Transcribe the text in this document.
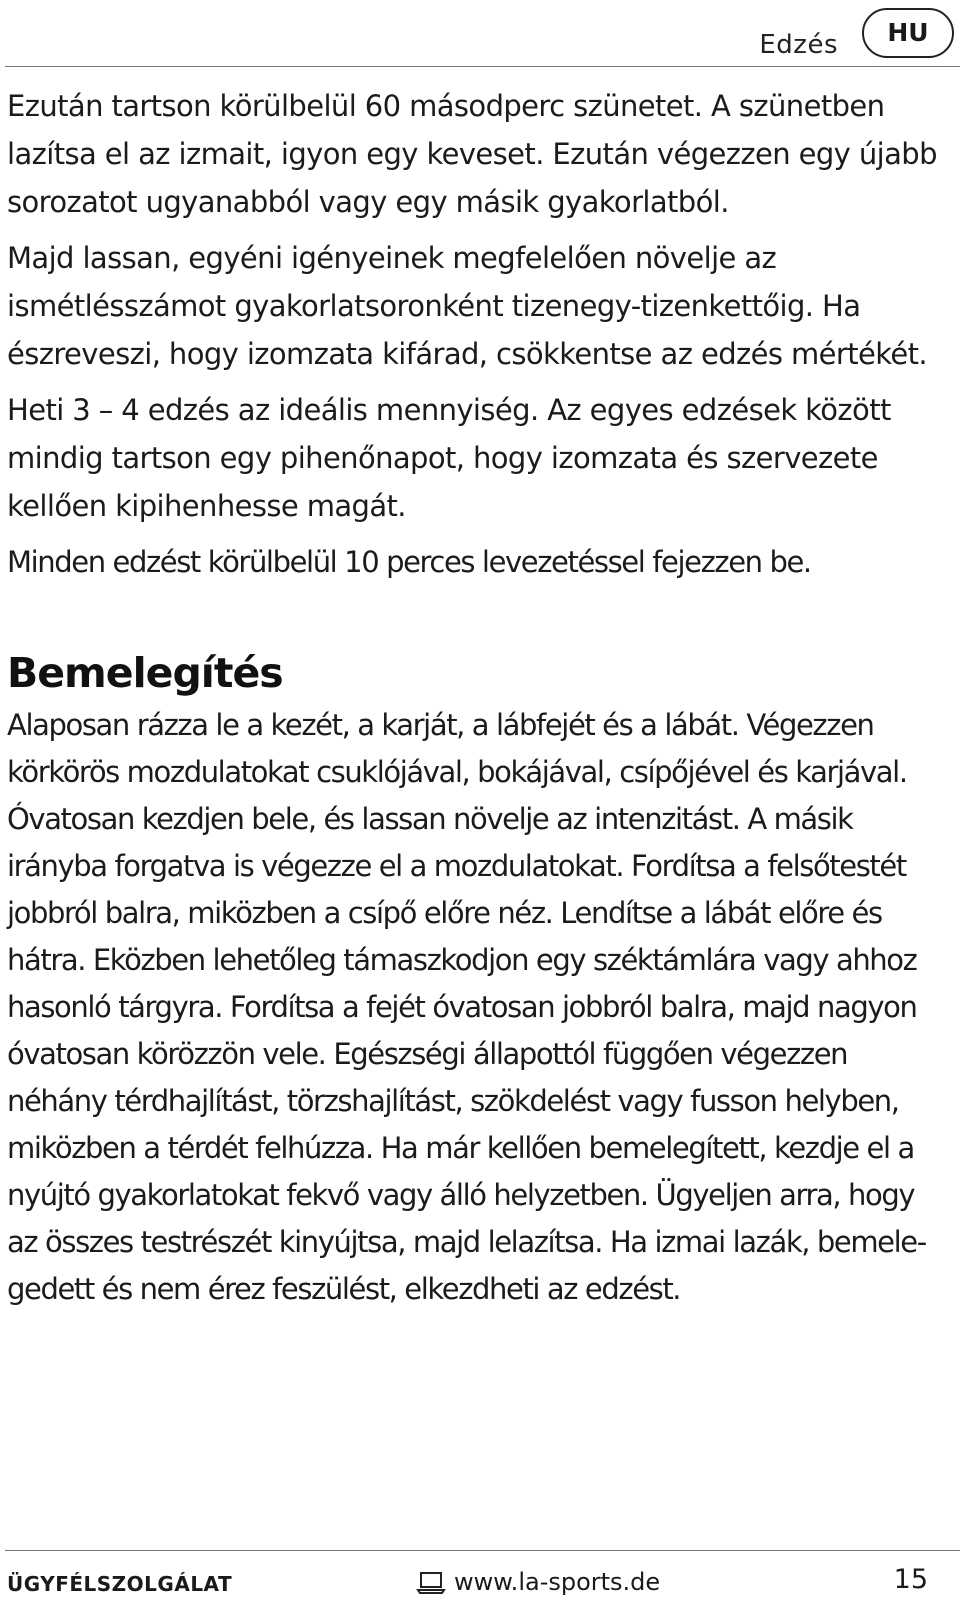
Edzés	HU

Ezután tartson körülbelül 60 másodperc szünetet. A szünetben lazítsa el az izmait, igyon egy keveset. Ezután végezzen egy újabb sorozatot ugyanabból vagy egy másik gyakorlatból.

Majd lassan, egyéni igényeinek megfelelően növelje az ismétlésszámot gyakorlatsoronként tizenegy-tizenkettőig. Ha észreveszi, hogy izomzata kifárad, csökkentse az edzés mértékét.

Heti 3 – 4 edzés az ideális mennyiség. Az egyes edzések között mindig tartson egy pihenőnapot, hogy izomzata és szervezete kellően kipihenhesse magát.

Minden edzést körülbelül 10 perces levezetéssel fejezzen be.

Bemelegítés

Alaposan rázza le a kezét, a karját, a lábfejét és a lábát. Végezzen körkörös mozdulatokat csuklójával, bokájával, csípőjével és karjával. Óvatosan kezdjen bele, és lassan növelje az intenzitást. A másik irányba forgatva is végezze el a mozdulatokat. Fordítsa a felsőtestét jobbról balra, miközben a csípő előre néz. Lendítse a lábát előre és hátra. Eközben lehetőleg támaszkodjon egy széktámlára vagy ahhoz hasonló tárgyra. Fordítsa a fejét óvatosan jobbról balra, majd nagyon óvatosan körözzön vele. Egészségi állapottól függően végezzen néhány térdhajlítást, törzshajlítást, szökdelést vagy fusson helyben, miközben a térdét felhúzza. Ha már kellően bemelegített, kezdje el a nyújtó gyakorlatokat fekvő vagy álló helyzetben. Ügyeljen arra, hogy az összes testrészét kinyújtsa, majd lelazítsa. Ha izmai lazák, bemelegedett és nem érez feszülést, elkezdheti az edzést.

ÜGYFÉLSZOLGÁLAT	www.la-sports.de	15
